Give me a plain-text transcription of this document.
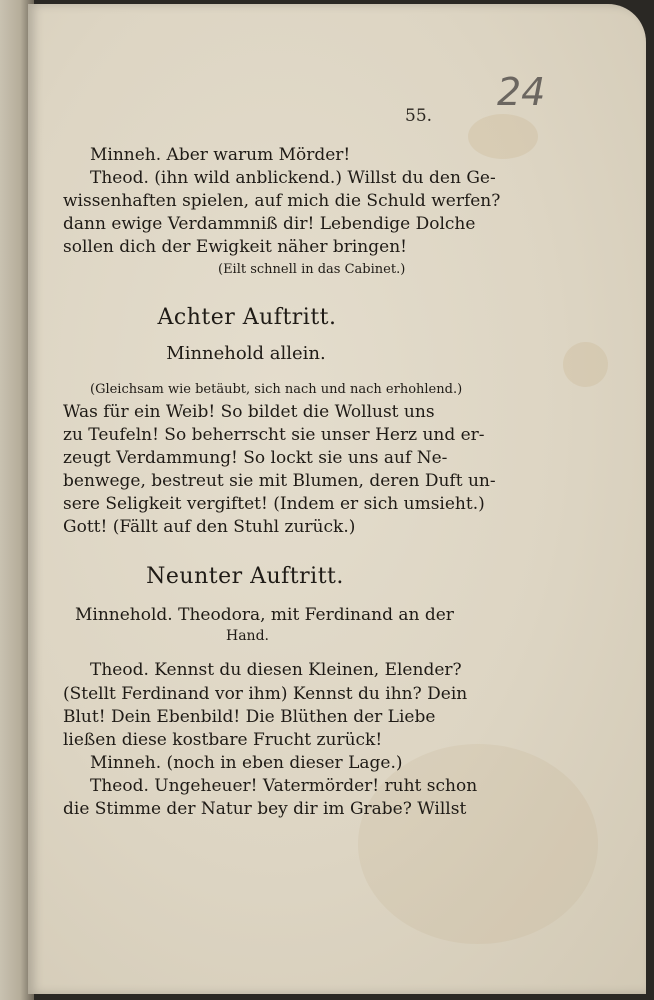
24
55.
Minneh. Aber warum Mörder!
Theod. (ihn wild anblickend.) Willst du den Ge-
wissenhaften spielen, auf mich die Schuld werfen?
dann ewige Verdammniß dir! Lebendige Dolche
sollen dich der Ewigkeit näher bringen!
(Eilt schnell in das Cabinet.)
Achter Auftritt.
Minnehold allein.
(Gleichsam wie betäubt, sich nach und nach erhohlend.)
Was für ein Weib! So bildet die Wollust uns
zu Teufeln! So beherrscht sie unser Herz und er-
zeugt Verdammung! So lockt sie uns auf Ne-
benwege, bestreut sie mit Blumen, deren Duft un-
sere Seligkeit vergiftet! (Indem er sich umsieht.)
Gott! (Fällt auf den Stuhl zurück.)
Neunter Auftritt.
Minnehold. Theodora, mit Ferdinand an der
Hand.
Theod. Kennst du diesen Kleinen, Elender?
(Stellt Ferdinand vor ihm) Kennst du ihn? Dein
Blut! Dein Ebenbild! Die Blüthen der Liebe
ließen diese kostbare Frucht zurück!
Minneh. (noch in eben dieser Lage.)
Theod. Ungeheuer! Vatermörder! ruht schon
die Stimme der Natur bey dir im Grabe? Willst
